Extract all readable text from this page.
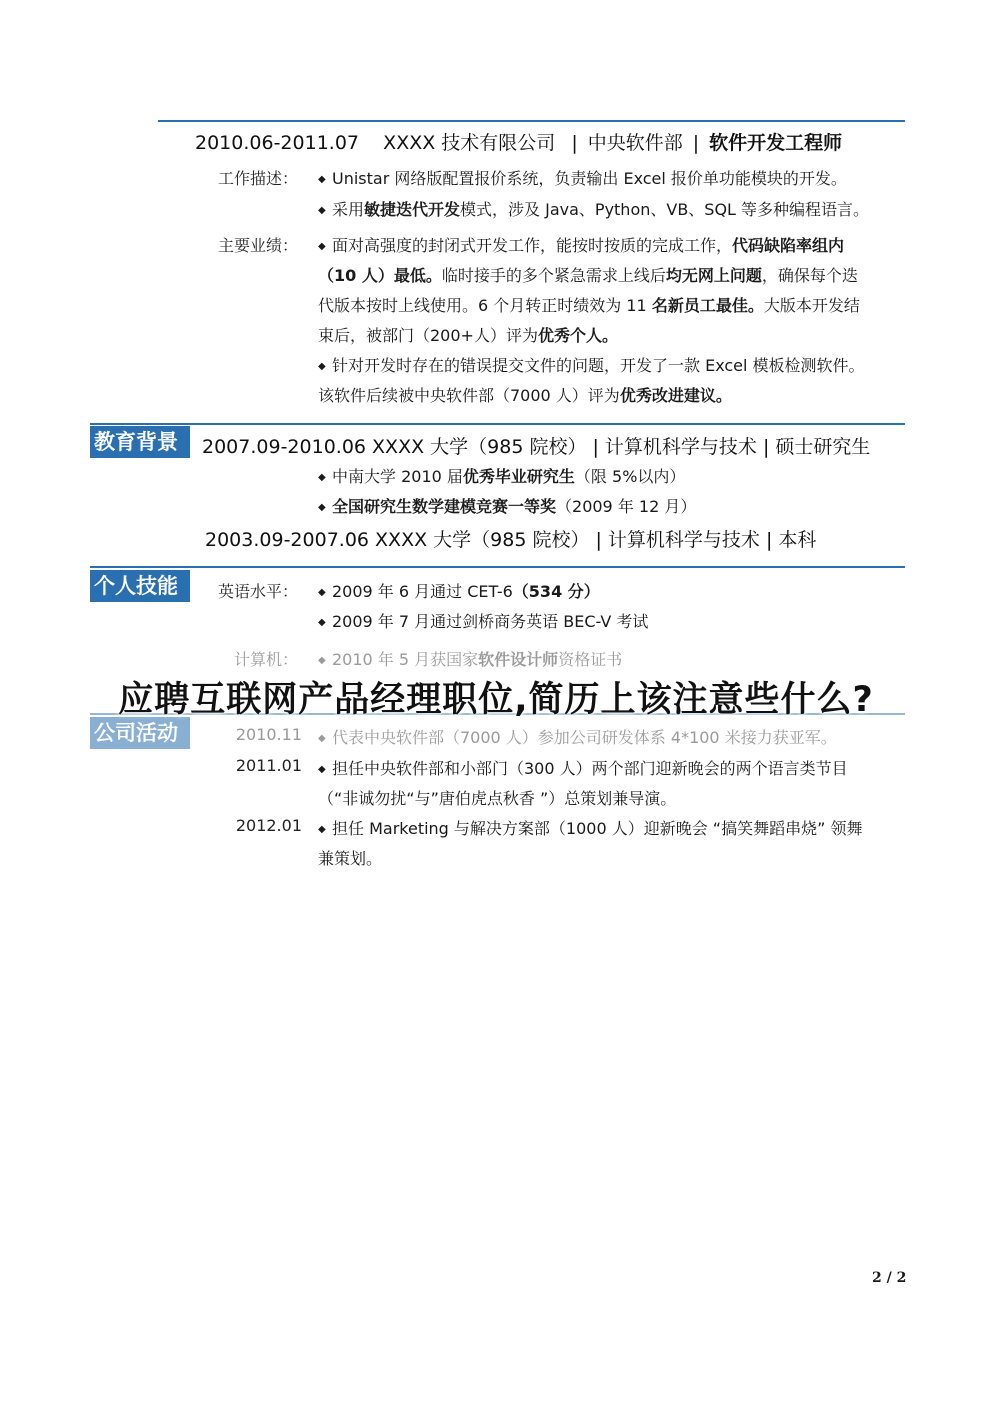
2010.06-2011.07 XXXX 技术有限公司 | 中央软件部 | 软件开发工程师
工作描述： ◆ Unistar 网络版配置报价系统，负责输出 Excel 报价单功能模块的开发。
◆ 采用敏捷迭代开发模式，涉及 Java、Python、VB、SQL 等多种编程语言。
主要业绩： ◆ 面对高强度的封闭式开发工作，能按时按质的完成工作，代码缺陷率组内
（10 人）最低。临时接手的多个紧急需求上线后均无网上问题，确保每个迭
代版本按时上线使用。6 个月转正时绩效为 11 名新员工最佳。大版本开发结
束后，被部门（200+人）评为优秀个人。
◆ 针对开发时存在的错误提交文件的问题，开发了一款 Excel 模板检测软件。
该软件后续被中央软件部（7000 人）评为优秀改进建议。
教育背景	2007.09-2010.06 XXXX 大学（985 院校） | 计算机科学与技术 | 硕士研究生
◆ 中南大学 2010 届优秀毕业研究生（限 5%以内）
◆ 全国研究生数学建模竞赛一等奖（2009 年 12 月）
2003.09-2007.06 XXXX 大学（985 院校） | 计算机科学与技术 | 本科
个人技能	英语水平： ◆ 2009 年 6 月通过 CET-6（534 分）
◆ 2009 年 7 月通过剑桥商务英语 BEC-V 考试
计算机： ◆ 2010 年 5 月获国家软件设计师资格证书
公司活动	2010.11 ◆ 代表中央软件部（7000 人）参加公司研发体系 4*100 米接力获亚军。
2011.01 ◆ 担任中央软件部和小部门（300 人）两个部门迎新晚会的两个语言类节目
（“非诚勿扰“与”唐伯虎点秋香 ”）总策划兼导演。
2012.01 ◆ 担任 Marketing 与解决方案部（1000 人）迎新晚会 “搞笑舞蹈串烧” 领舞
兼策划。
应聘互联网产品经理职位,简历上该注意些什么?
2 / 2
